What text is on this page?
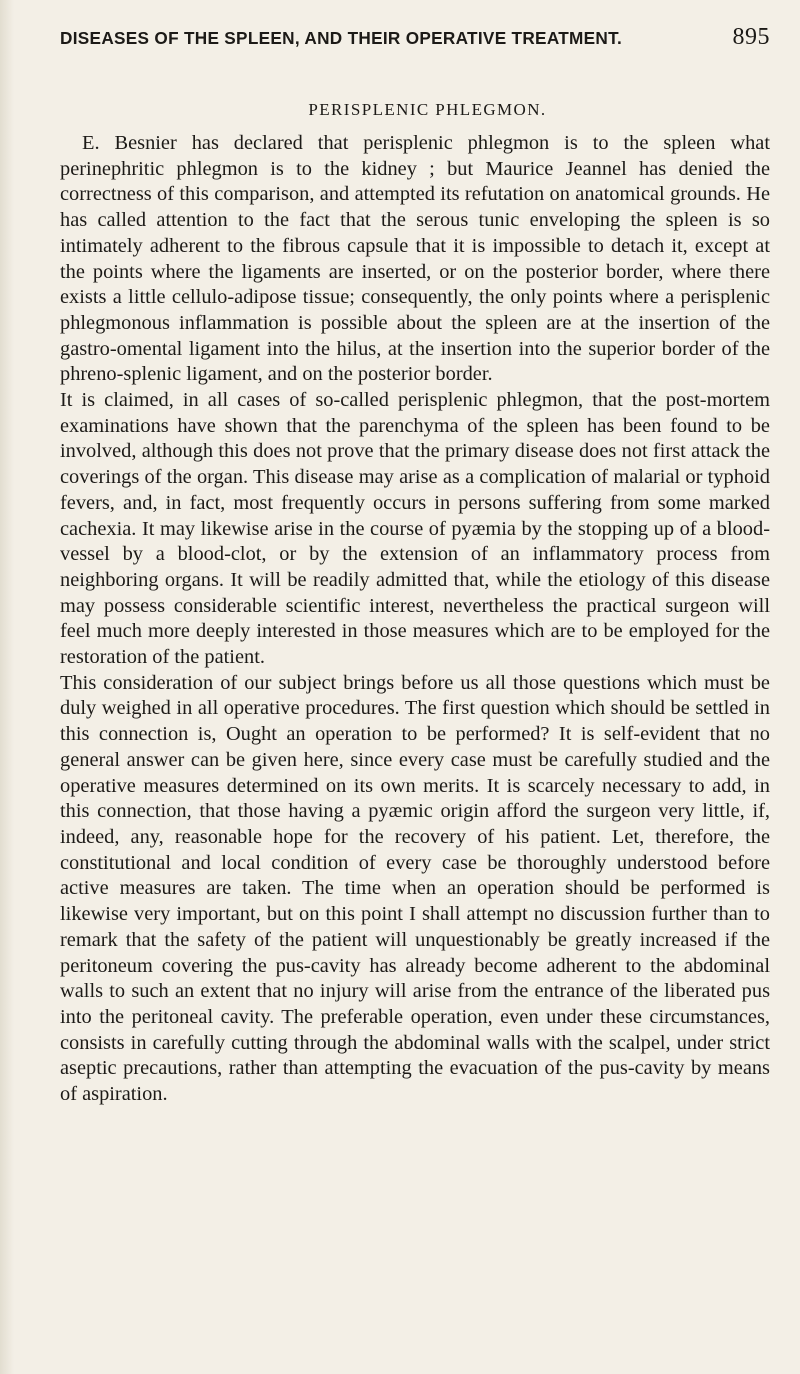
DISEASES OF THE SPLEEN, AND THEIR OPERATIVE TREATMENT.	895
PERISPLENIC PHLEGMON.

E. Besnier has declared that perisplenic phlegmon is to the spleen what perinephritic phlegmon is to the kidney ; but Maurice Jeannel has denied the correctness of this comparison, and attempted its refutation on anatomical grounds. He has called attention to the fact that the serous tunic enveloping the spleen is so intimately adherent to the fibrous capsule that it is impossible to detach it, except at the points where the ligaments are inserted, or on the posterior border, where there exists a little cellulo-adipose tissue; consequently, the only points where a perisplenic phlegmonous inflammation is possible about the spleen are at the insertion of the gastro-omental ligament into the hilus, at the insertion into the superior border of the phreno-splenic ligament, and on the posterior border.

It is claimed, in all cases of so-called perisplenic phlegmon, that the post-mortem examinations have shown that the parenchyma of the spleen has been found to be involved, although this does not prove that the primary disease does not first attack the coverings of the organ. This disease may arise as a complication of malarial or typhoid fevers, and, in fact, most frequently occurs in persons suffering from some marked cachexia. It may likewise arise in the course of pyæmia by the stopping up of a blood-vessel by a blood-clot, or by the extension of an inflammatory process from neighboring organs. It will be readily admitted that, while the etiology of this disease may possess considerable scientific interest, nevertheless the practical surgeon will feel much more deeply interested in those measures which are to be employed for the restoration of the patient.

This consideration of our subject brings before us all those questions which must be duly weighed in all operative procedures. The first question which should be settled in this connection is, Ought an operation to be performed? It is self-evident that no general answer can be given here, since every case must be carefully studied and the operative measures determined on its own merits. It is scarcely necessary to add, in this connection, that those having a pyæmic origin afford the surgeon very little, if, indeed, any, reasonable hope for the recovery of his patient. Let, therefore, the constitutional and local condition of every case be thoroughly understood before active measures are taken. The time when an operation should be performed is likewise very important, but on this point I shall attempt no discussion further than to remark that the safety of the patient will unquestionably be greatly increased if the peritoneum covering the pus-cavity has already become adherent to the abdominal walls to such an extent that no injury will arise from the entrance of the liberated pus into the peritoneal cavity. The preferable operation, even under these circumstances, consists in carefully cutting through the abdominal walls with the scalpel, under strict aseptic precautions, rather than attempting the evacuation of the pus-cavity by means of aspiration.
